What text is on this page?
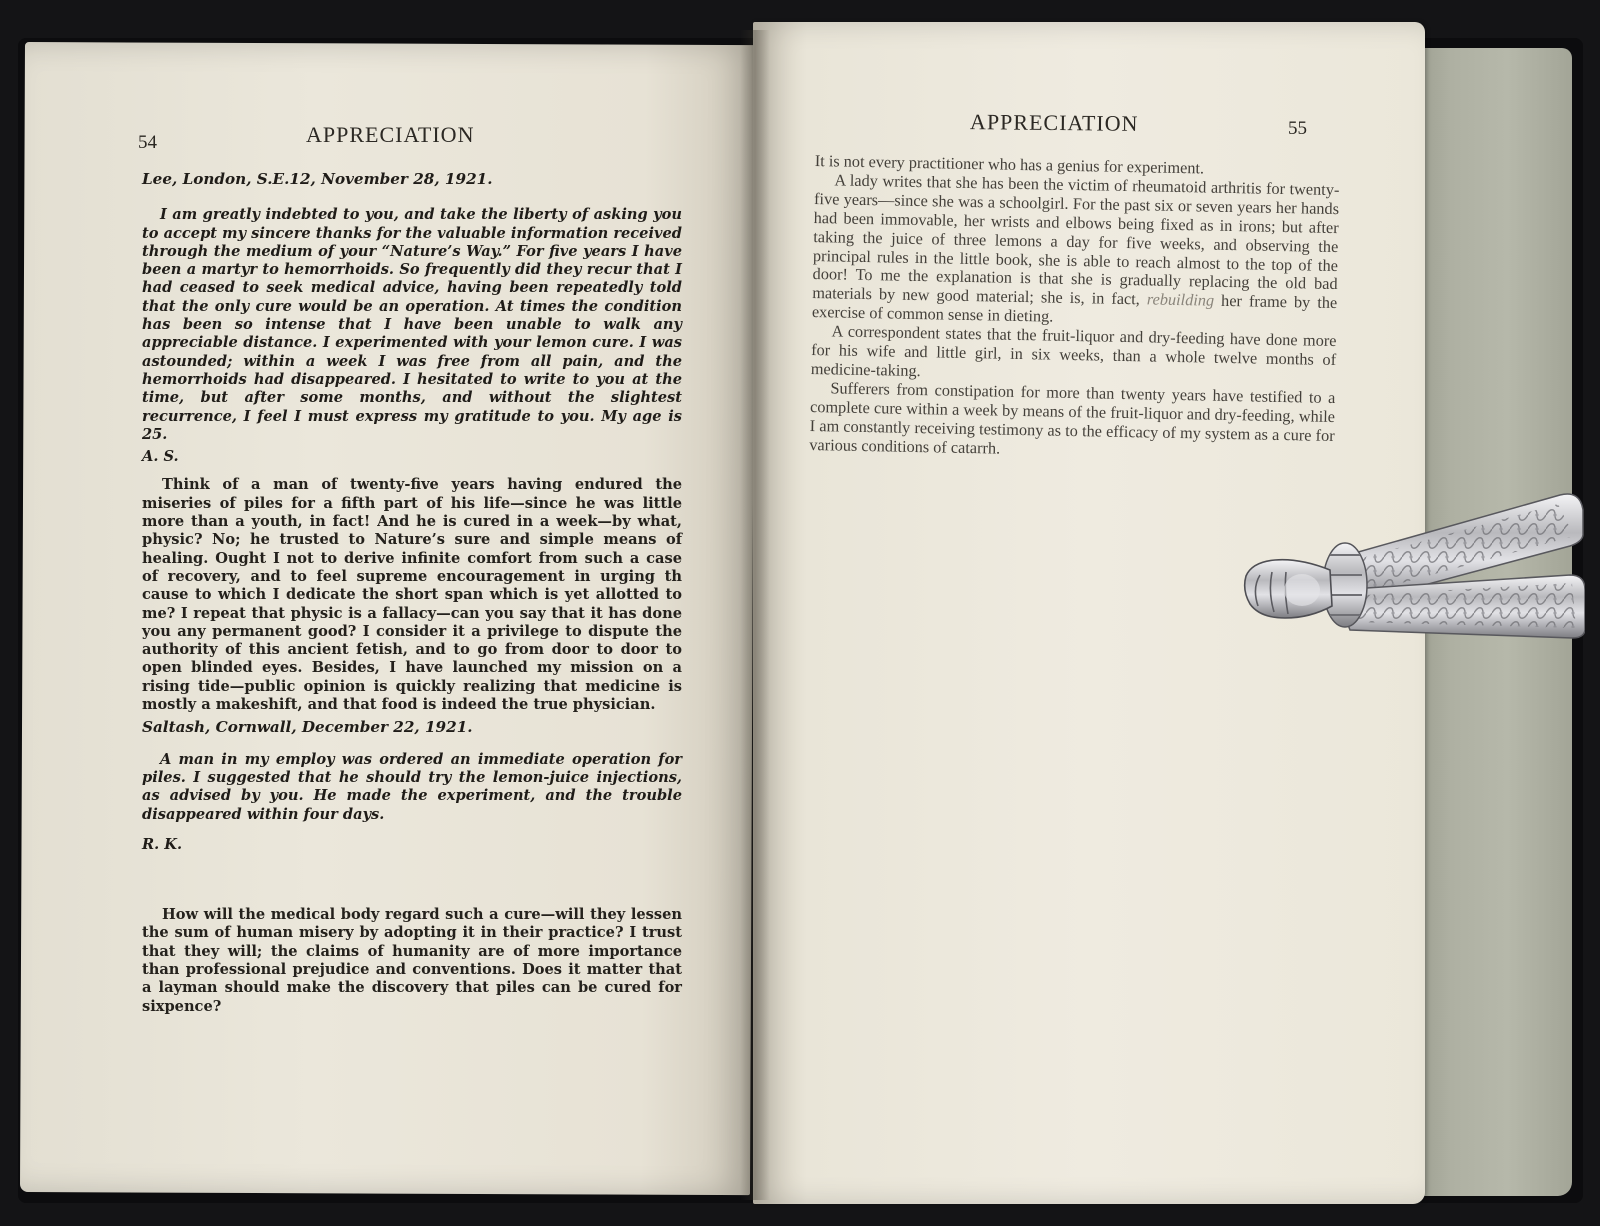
54	APPRECIATION

Lee, London, S.E.12, November 28, 1921.

I am greatly indebted to you, and take the liberty of asking you to accept my sincere thanks for the valuable information received through the medium of your “Nature’s Way.” For five years I have been a martyr to hemorrhoids. So frequently did they recur that I had ceased to seek medical advice, having been repeatedly told that the only cure would be an operation. At times the condition has been so intense that I have been unable to walk any appreciable distance. I experimented with your lemon cure. I was astounded; within a week I was free from all pain, and the hemorrhoids had disappeared. I hesitated to write to you at the time, but after some months, and without the slightest recurrence, I feel I must express my gratitude to you. My age is 25.

A. S.

Think of a man of twenty-five years having endured the miseries of piles for a fifth part of his life—since he was little more than a youth, in fact! And he is cured in a week—by what, physic? No; he trusted to Nature’s sure and simple means of healing. Ought I not to derive infinite comfort from such a case of recovery, and to feel supreme encouragement in urging th cause to which I dedicate the short span which is yet allotted to me? I repeat that physic is a fallacy—can you say that it has done you any permanent good? I consider it a privilege to dispute the authority of this ancient fetish, and to go from door to door to open blinded eyes. Besides, I have launched my mission on a rising tide—public opinion is quickly realizing that medicine is mostly a makeshift, and that food is indeed the true physician.

Saltash, Cornwall, December 22, 1921.

A man in my employ was ordered an immediate operation for piles. I suggested that he should try the lemon-juice injections, as advised by you. He made the experiment, and the trouble disappeared within four days.

R. K.

How will the medical body regard such a cure—will they lessen the sum of human misery by adopting it in their practice? I trust that they will; the claims of humanity are of more importance than professional prejudice and conventions. Does it matter that a layman should make the discovery that piles can be cured for sixpence?

APPRECIATION	55

It is not every practitioner who has a genius for experiment.

A lady writes that she has been the victim of rheumatoid arthritis for twenty-five years—since she was a schoolgirl. For the past six or seven years her hands had been immovable, her wrists and elbows being fixed as in irons; but after taking the juice of three lemons a day for five weeks, and observing the principal rules in the little book, she is able to reach almost to the top of the door! To me the explanation is that she is gradually replacing the old bad materials by new good material; she is, in fact, rebuilding her frame by the exercise of common sense in dieting.

A correspondent states that the fruit-liquor and dry-feeding have done more for his wife and little girl, in six weeks, than a whole twelve months of medicine-taking.

Sufferers from constipation for more than twenty years have testified to a complete cure within a week by means of the fruit-liquor and dry-feeding, while I am constantly receiving testimony as to the efficacy of my system as a cure for various conditions of catarrh.
